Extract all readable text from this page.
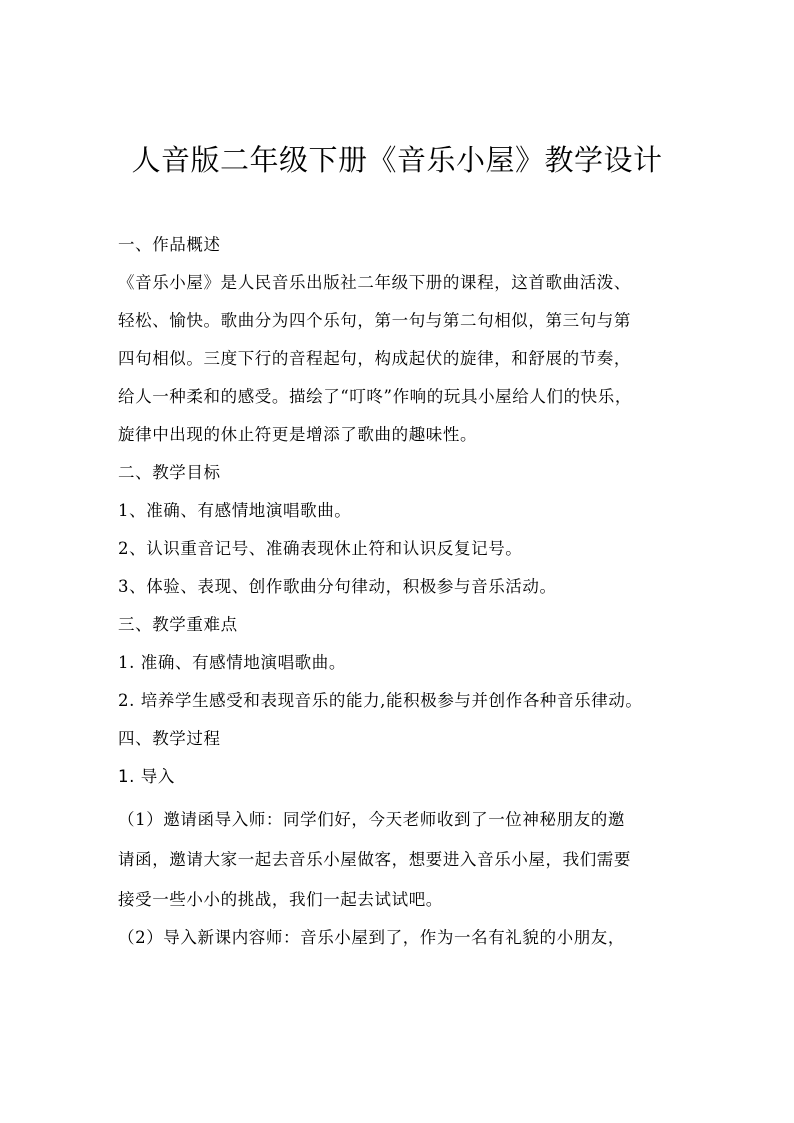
人音版二年级下册《音乐小屋》教学设计
一、作品概述
《音乐小屋》是人民音乐出版社二年级下册的课程，这首歌曲活泼、
轻松、愉快。歌曲分为四个乐句，第一句与第二句相似，第三句与第
四句相似。三度下行的音程起句，构成起伏的旋律，和舒展的节奏，
给人一种柔和的感受。描绘了“叮咚”作响的玩具小屋给人们的快乐，
旋律中出现的休止符更是增添了歌曲的趣味性。
二、教学目标
1、准确、有感情地演唱歌曲。
2、认识重音记号、准确表现休止符和认识反复记号。
3、体验、表现、创作歌曲分句律动，积极参与音乐活动。
三、教学重难点
1. 准确、有感情地演唱歌曲。
2. 培养学生感受和表现音乐的能力,能积极参与并创作各种音乐律动。
四、教学过程
1. 导入
（1）邀请函导入师：同学们好，今天老师收到了一位神秘朋友的邀
请函，邀请大家一起去音乐小屋做客，想要进入音乐小屋，我们需要
接受一些小小的挑战，我们一起去试试吧。
（2）导入新课内容师：音乐小屋到了，作为一名有礼貌的小朋友，
